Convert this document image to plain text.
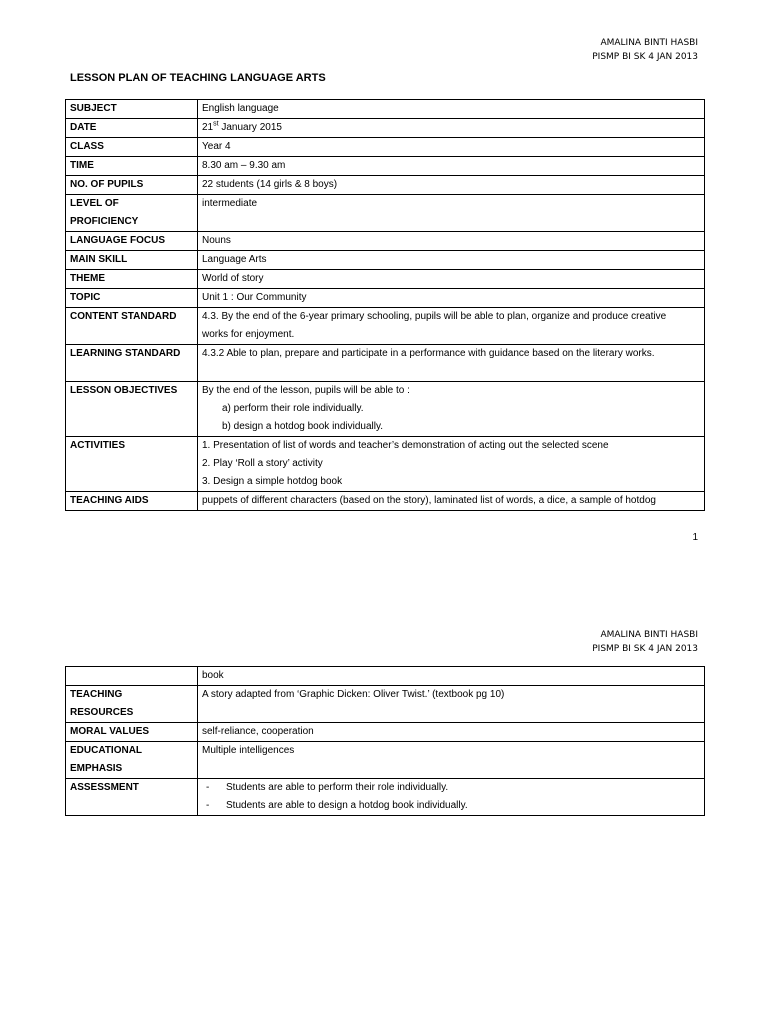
AMALINA BINTI HASBI
PISMP BI SK 4 JAN 2013
LESSON PLAN OF TEACHING LANGUAGE ARTS
SUBJECT	English language
DATE	21st January 2015
CLASS	Year 4
TIME	8.30 am – 9.30 am
NO. OF PUPILS	22 students (14 girls & 8 boys)

LEVEL OF
PROFICIENCY	intermediate
LANGUAGE FOCUS	Nouns
MAIN SKILL	Language Arts
THEME	World of story
TOPIC	Unit 1 : Our Community
CONTENT STANDARD	4.3. By the end of the 6-year primary schooling, pupils will be able to plan, organize and produce creative
works for enjoyment.

LEARNING STANDARD	4.3.2 Able to plan, prepare and participate in a performance with guidance based on the literary works.
LESSON OBJECTIVES	By the end of the lesson, pupils will be able to :
a) perform their role individually.
b) design a hotdog book individually.

ACTIVITIES	1. Presentation of list of words and teacher’s demonstration of acting out the selected scene
2. Play ‘Roll a story’ activity
3. Design a simple hotdog book

TEACHING AIDS	puppets of different characters (based on the story), laminated list of words, a dice, a sample of hotdog
1
AMALINA BINTI HASBI
PISMP BI SK 4 JAN 2013
	book

TEACHING
RESOURCES	A story adapted from ‘Graphic Dicken: Oliver Twist.’ (textbook pg 10)
MORAL VALUES	self-reliance, cooperation

EDUCATIONAL
EMPHASIS	Multiple intelligences
ASSESSMENT	- Students are able to perform their role individually.
- Students are able to design a hotdog book individually.
